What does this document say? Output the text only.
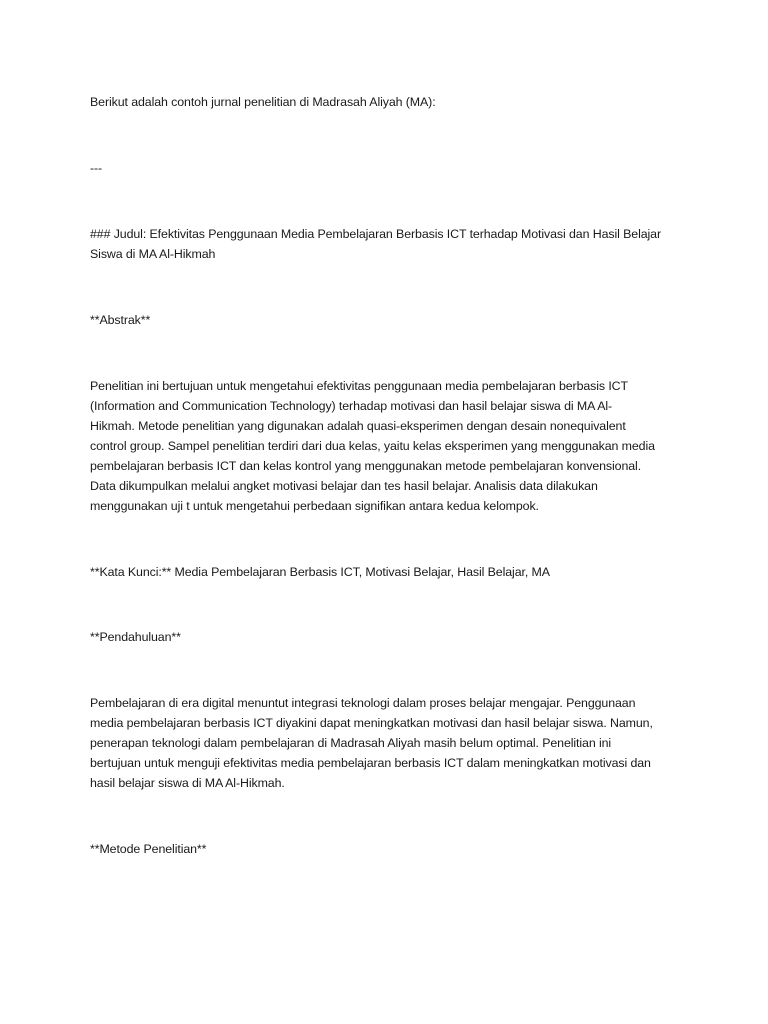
Berikut adalah contoh jurnal penelitian di Madrasah Aliyah (MA):

---

### Judul: Efektivitas Penggunaan Media Pembelajaran Berbasis ICT terhadap Motivasi dan Hasil Belajar
Siswa di MA Al-Hikmah

**Abstrak**

Penelitian ini bertujuan untuk mengetahui efektivitas penggunaan media pembelajaran berbasis ICT
(Information and Communication Technology) terhadap motivasi dan hasil belajar siswa di MA Al-
Hikmah. Metode penelitian yang digunakan adalah quasi-eksperimen dengan desain nonequivalent
control group. Sampel penelitian terdiri dari dua kelas, yaitu kelas eksperimen yang menggunakan media
pembelajaran berbasis ICT dan kelas kontrol yang menggunakan metode pembelajaran konvensional.
Data dikumpulkan melalui angket motivasi belajar dan tes hasil belajar. Analisis data dilakukan
menggunakan uji t untuk mengetahui perbedaan signifikan antara kedua kelompok.

**Kata Kunci:** Media Pembelajaran Berbasis ICT, Motivasi Belajar, Hasil Belajar, MA

**Pendahuluan**

Pembelajaran di era digital menuntut integrasi teknologi dalam proses belajar mengajar. Penggunaan
media pembelajaran berbasis ICT diyakini dapat meningkatkan motivasi dan hasil belajar siswa. Namun,
penerapan teknologi dalam pembelajaran di Madrasah Aliyah masih belum optimal. Penelitian ini
bertujuan untuk menguji efektivitas media pembelajaran berbasis ICT dalam meningkatkan motivasi dan
hasil belajar siswa di MA Al-Hikmah.

**Metode Penelitian**
